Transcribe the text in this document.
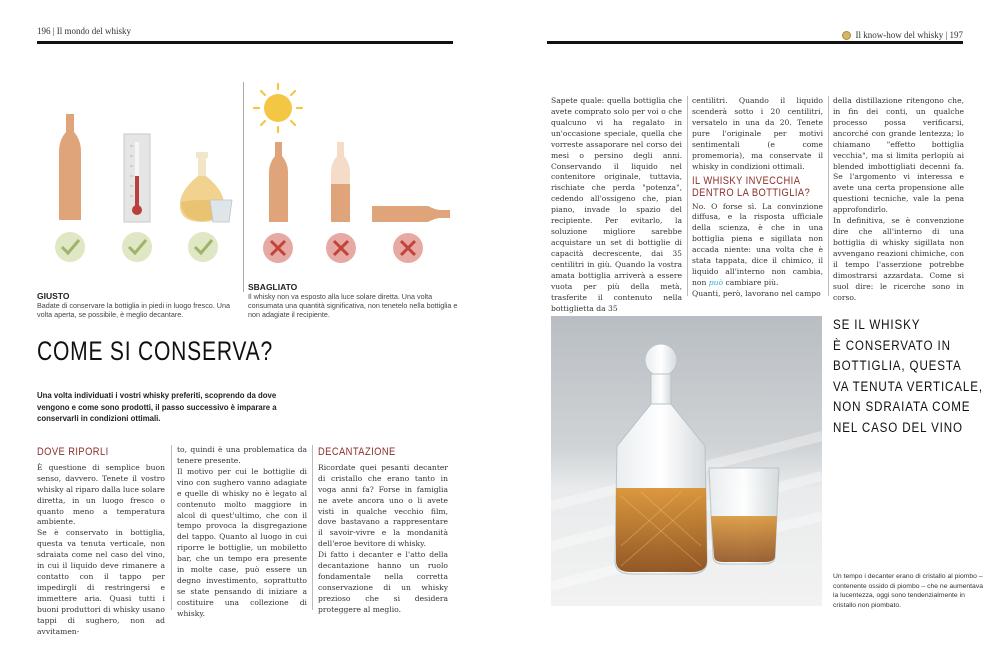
196 | Il mondo del whisky
GIUSTO
Badate di conservare la bottiglia in piedi in luogo fresco. Una volta aperta, se possibile, è meglio decantare.
SBAGLIATO
Il whisky non va esposto alla luce solare diretta. Una volta consumata una quantità significativa, non tenetelo nella bottiglia e non adagiate il recipiente.
COME SI CONSERVA?
Una volta individuati i vostri whisky preferiti, scoprendo da dove vengono e come sono prodotti, il passo successivo è imparare a conservarli in condizioni ottimali.
DOVE RIPORLI

È questione di semplice buon senso, davvero. Tenete il vostro whisky al riparo dalla luce solare diretta, in un luogo fresco o quanto meno a temperatura ambiente.

Se è conservato in bottiglia, questa va tenuta verticale, non sdraiata come nel caso del vino, in cui il liquido deve rimanere a contatto con il tappo per impedirgli di restringersi e immettere aria. Quasi tutti i buoni produttori di whisky usano tappi di sughero, non ad avvitamen-

to, quindi è una problematica da tenere presente.

Il motivo per cui le bottiglie di vino con sughero vanno adagiate e quelle di whisky no è legato al contenuto molto maggiore in alcol di quest'ultimo, che con il tempo provoca la disgregazione del tappo. Quanto al luogo in cui riporre le bottiglie, un mobiletto bar, che un tempo era presente in molte case, può essere un degno investimento, soprattutto se state pensando di iniziare a costituire una collezione di whisky.

DECANTAZIONE

Ricordate quei pesanti decanter di cristallo che erano tanto in voga anni fa? Forse in famiglia ne avete ancora uno o li avete visti in qualche vecchio film, dove bastavano a rappresentare il savoir-vivre e la mondanità dell'eroe bevitore di whisky.

Di fatto i decanter e l'atto della decantazione hanno un ruolo fondamentale nella corretta conservazione di un whisky prezioso che si desidera proteggere al meglio.

Il know-how del whisky | 197

Sapete quale: quella bottiglia che avete comprato solo per voi o che qualcuno vi ha regalato in un'occasione speciale, quella che vorreste assaporare nel corso dei mesi o persino degli anni. Conservando il liquido nel contenitore originale, tuttavia, rischiate che perda "potenza", cedendo all'ossigeno che, pian piano, invade lo spazio del recipiente. Per evitarlo, la soluzione migliore sarebbe acquistare un set di bottiglie di capacità decrescente, dai 35 centilitri in giù. Quando la vostra amata bottiglia arriverà a essere vuota per più della metà, trasferite il contenuto nella bottiglietta da 35

centilitri. Quando il liquido scenderà sotto i 20 centilitri, versatelo in una da 20. Tenete pure l'originale per motivi sentimentali (e come promemoria), ma conservate il whisky in condizioni ottimali.

IL WHISKY INVECCHIA
DENTRO LA BOTTIGLIA?

No. O forse sì. La convinzione diffusa, e la risposta ufficiale della scienza, è che in una bottiglia piena e sigillata non accada niente: una volta che è stata tappata, dice il chimico, il liquido all'interno non cambia, non può cambiare più.

Quanti, però, lavorano nel campo

della distillazione ritengono che, in fin dei conti, un qualche processo possa verificarsi, ancorché con grande lentezza; lo chiamano "effetto bottiglia vecchia", ma si limita perlopiù ai blended imbottigliati decenni fa. Se l'argomento vi interessa e avete una certa propensione alle questioni tecniche, vale la pena approfondirlo.

In definitiva, se è convenzione dire che all'interno di una bottiglia di whisky sigillata non avvengano reazioni chimiche, con il tempo l'asserzione potrebbe dimostrarsi azzardata. Come si suol dire: le ricerche sono in corso.

SE IL WHISKY
È CONSERVATO IN
BOTTIGLIA, QUESTA
VA TENUTA VERTICALE,
NON SDRAIATA COME
NEL CASO DEL VINO
Un tempo i decanter erano di cristallo al piombo – contenente ossido di piombo – che ne aumentava la lucentezza, oggi sono tendenzialmente in cristallo non piombato.
